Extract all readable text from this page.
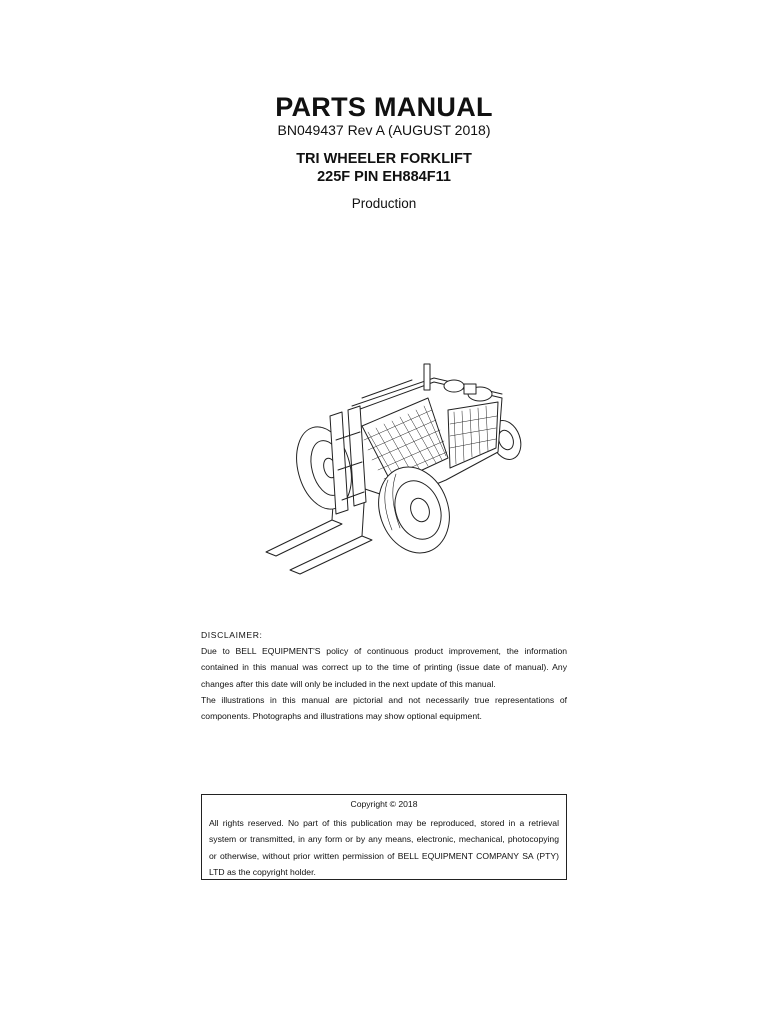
PARTS MANUAL
BN049437 Rev A (AUGUST 2018)
TRI WHEELER FORKLIFT
225F PIN EH884F11
Production

DISCLAIMER:

Due to BELL EQUIPMENT'S policy of continuous product improvement, the information contained in this manual was correct up to the time of printing (issue date of manual). Any changes after this date will only be included in the next update of this manual.

The illustrations in this manual are pictorial and not necessarily true representations of components. Photographs and illustrations may show optional equipment.

Copyright © 2018

All rights reserved. No part of this publication may be reproduced, stored in a retrieval system or transmitted, in any form or by any means, electronic, mechanical, photocopying or otherwise, without prior written permission of BELL EQUIPMENT COMPANY SA (PTY) LTD as the copyright holder.
